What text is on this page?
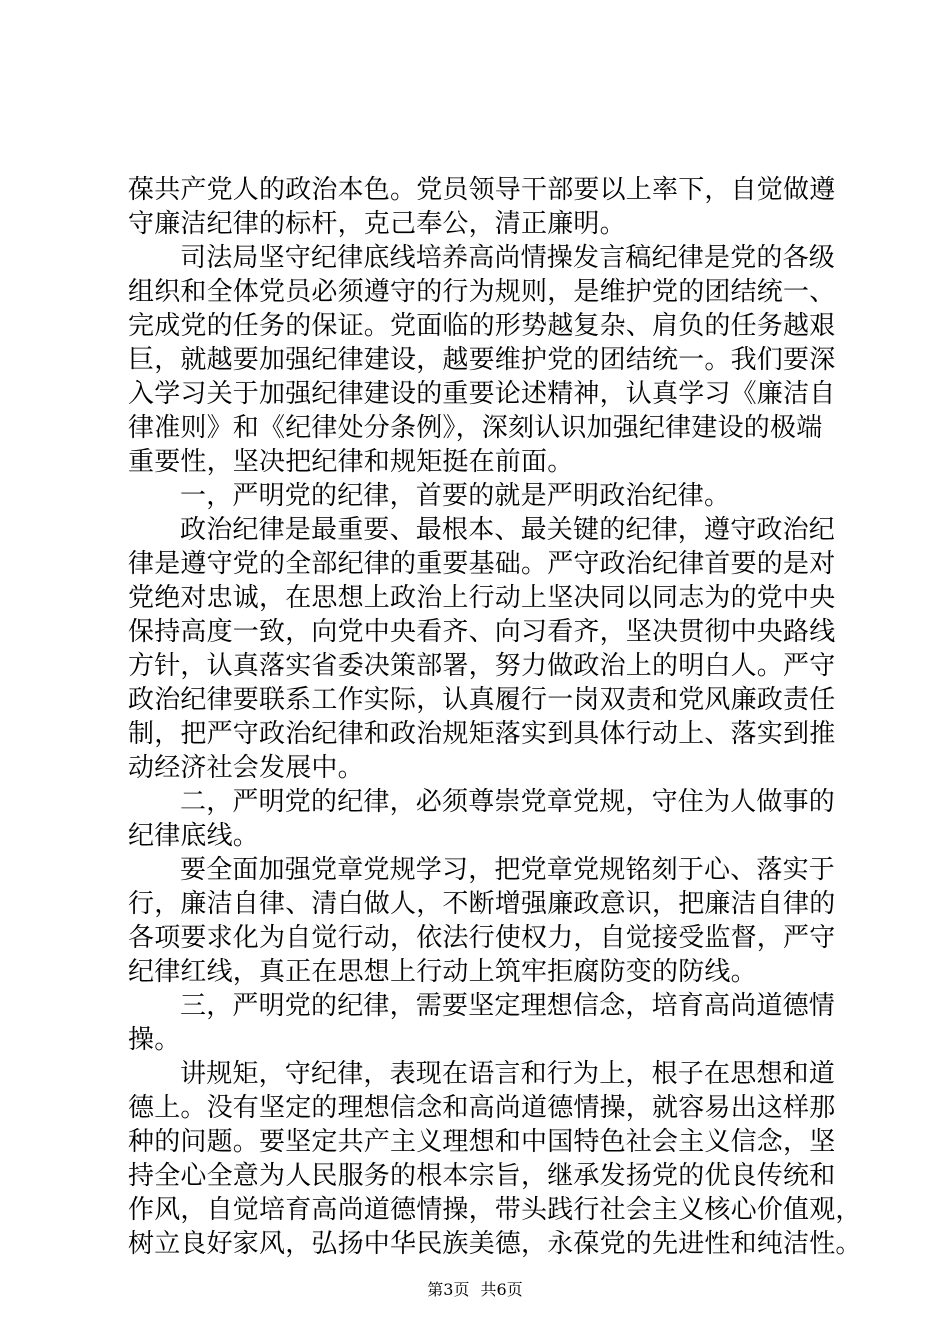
葆共产党人的政治本色。党员领导干部要以上率下，自觉做遵
守廉洁纪律的标杆，克己奉公，清正廉明。
司法局坚守纪律底线培养高尚情操发言稿纪律是党的各级
组织和全体党员必须遵守的行为规则，是维护党的团结统一、
完成党的任务的保证。党面临的形势越复杂、肩负的任务越艰
巨，就越要加强纪律建设，越要维护党的团结统一。我们要深
入学习关于加强纪律建设的重要论述精神，认真学习《廉洁自
律准则》和《纪律处分条例》，深刻认识加强纪律建设的极端
重要性，坚决把纪律和规矩挺在前面。
一，严明党的纪律，首要的就是严明政治纪律。
政治纪律是最重要、最根本、最关键的纪律，遵守政治纪
律是遵守党的全部纪律的重要基础。严守政治纪律首要的是对
党绝对忠诚，在思想上政治上行动上坚决同以同志为的党中央
保持高度一致，向党中央看齐、向习看齐，坚决贯彻中央路线
方针，认真落实省委决策部署，努力做政治上的明白人。严守
政治纪律要联系工作实际，认真履行一岗双责和党风廉政责任
制，把严守政治纪律和政治规矩落实到具体行动上、落实到推
动经济社会发展中。
二，严明党的纪律，必须尊崇党章党规，守住为人做事的
纪律底线。
要全面加强党章党规学习，把党章党规铭刻于心、落实于
行，廉洁自律、清白做人，不断增强廉政意识，把廉洁自律的
各项要求化为自觉行动，依法行使权力，自觉接受监督，严守
纪律红线，真正在思想上行动上筑牢拒腐防变的防线。
三，严明党的纪律，需要坚定理想信念，培育高尚道德情
操。
讲规矩，守纪律，表现在语言和行为上，根子在思想和道
德上。没有坚定的理想信念和高尚道德情操，就容易出这样那
种的问题。要坚定共产主义理想和中国特色社会主义信念，坚
持全心全意为人民服务的根本宗旨，继承发扬党的优良传统和
作风，自觉培育高尚道德情操，带头践行社会主义核心价值观，
树立良好家风，弘扬中华民族美德，永葆党的先进性和纯洁性。
第3页 共6页
